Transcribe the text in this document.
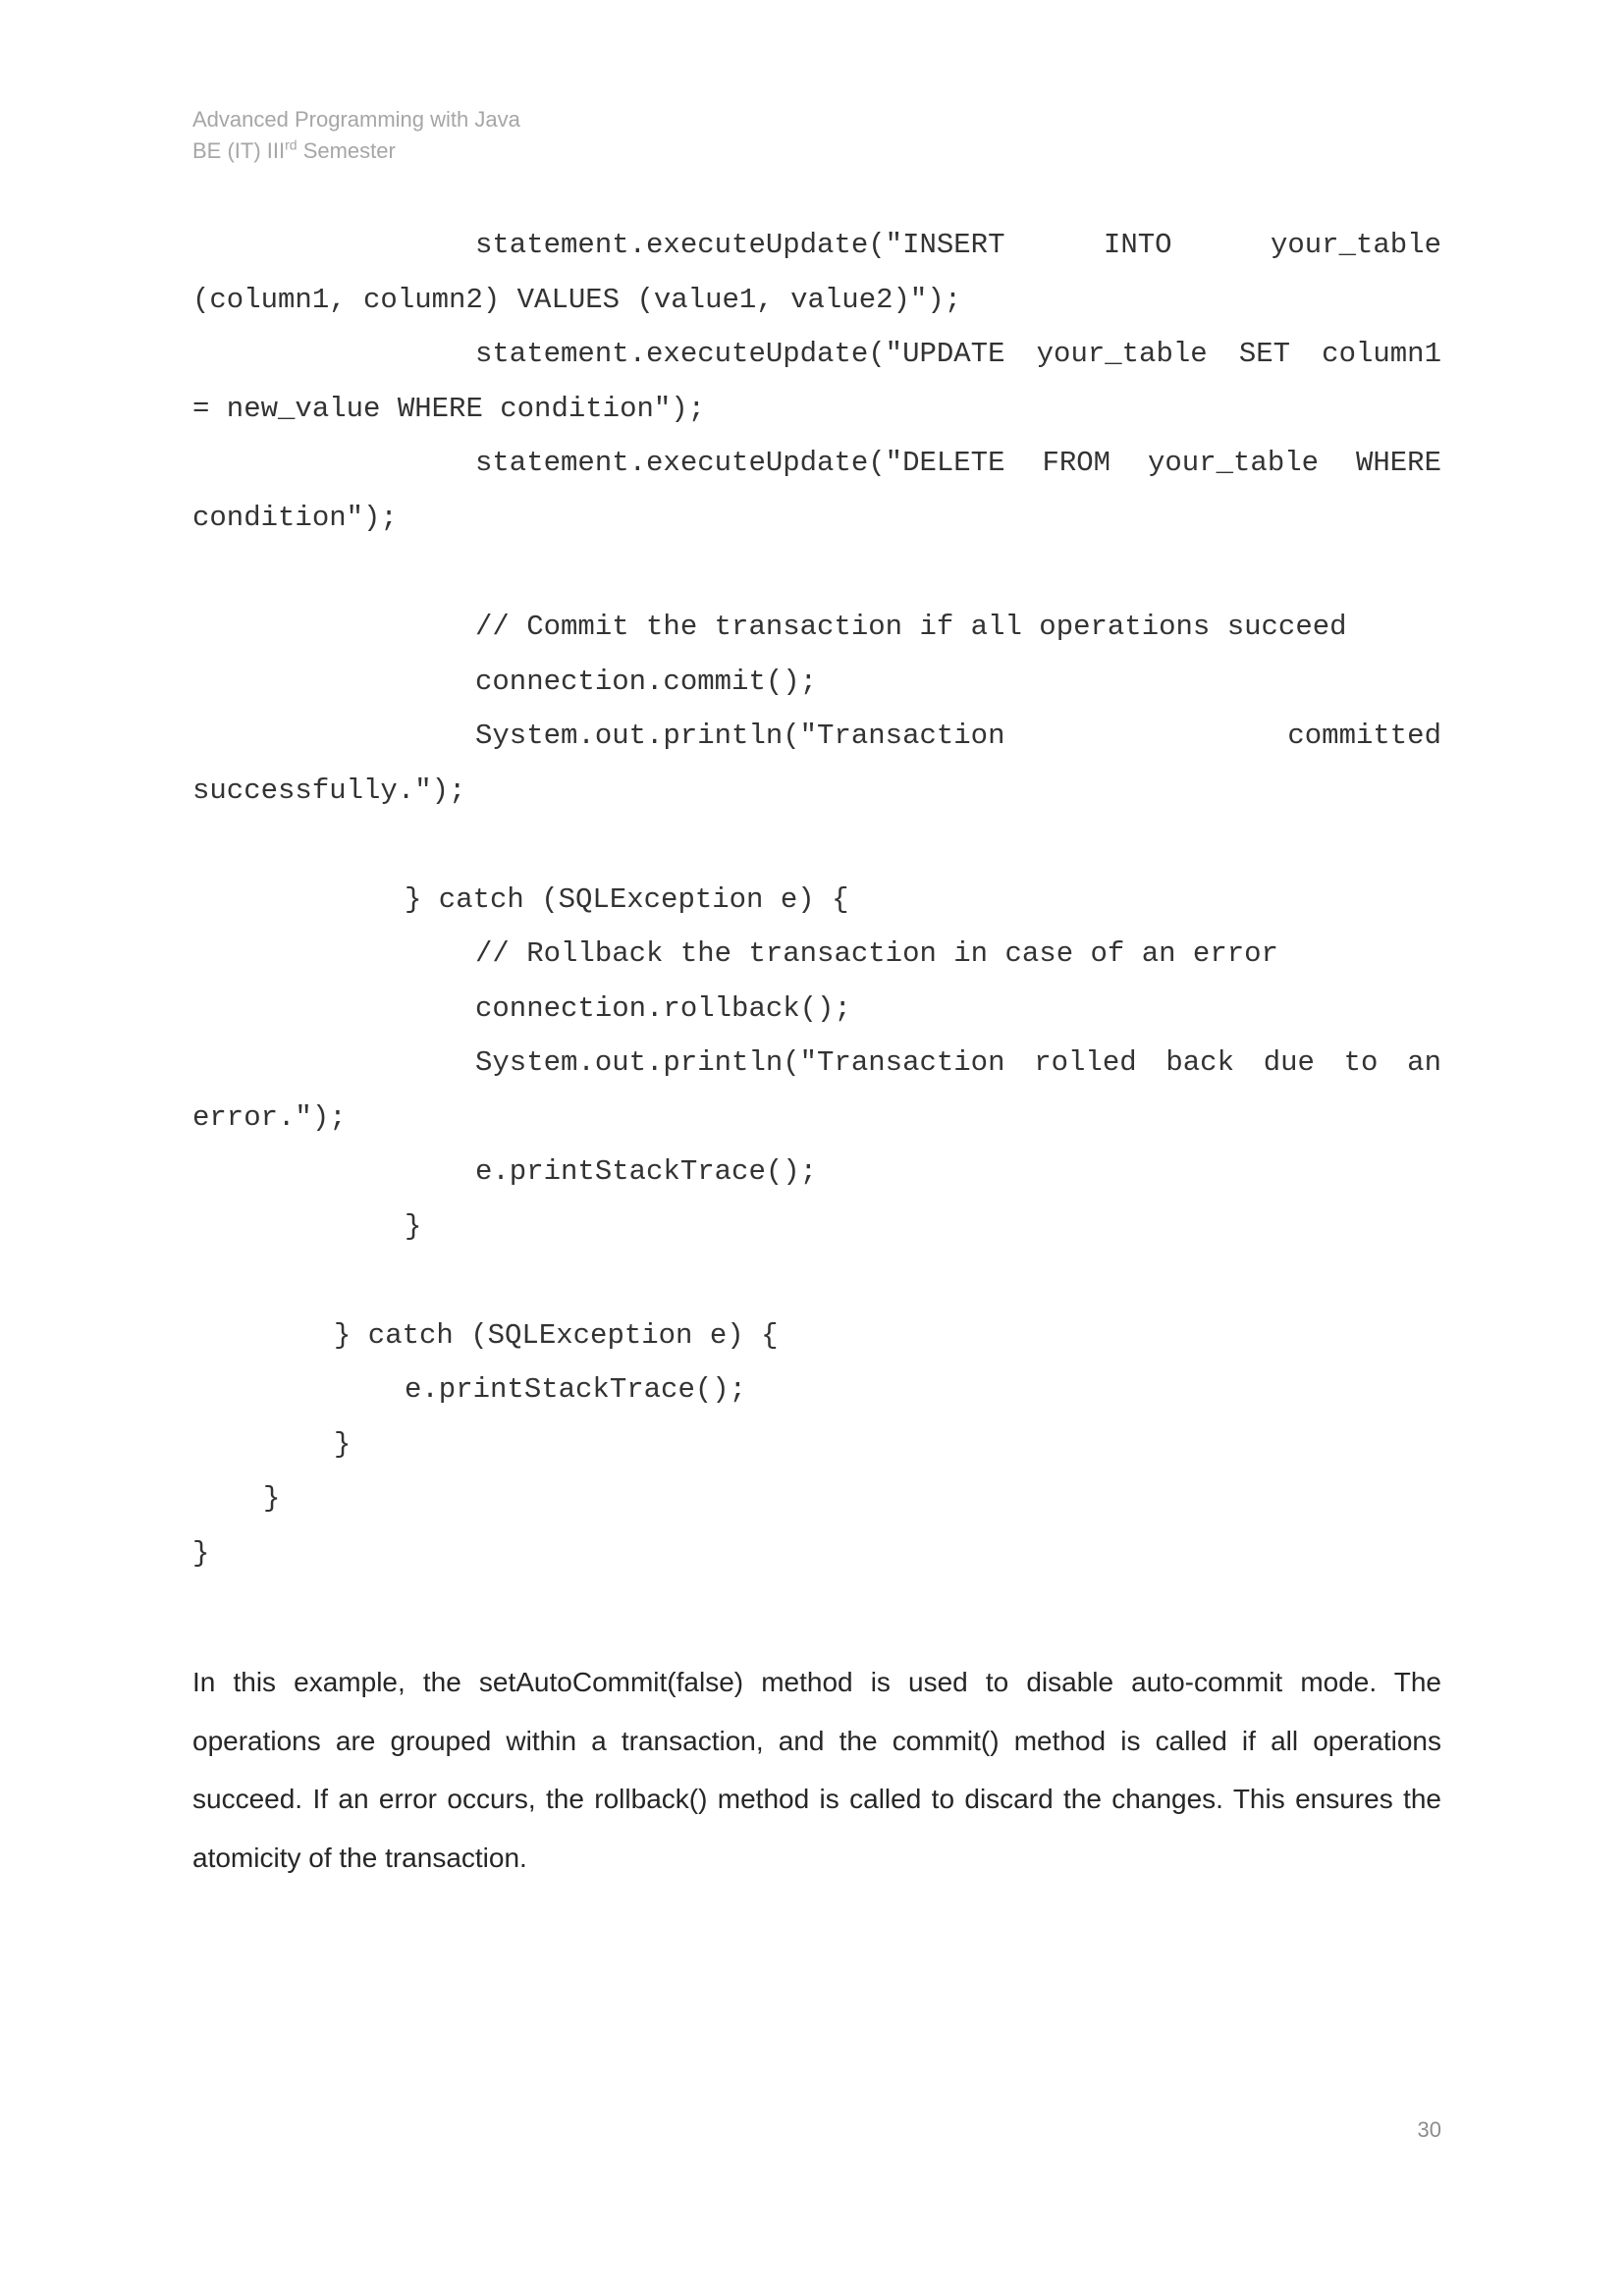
Advanced Programming with Java
BE (IT) IIIrd Semester

statement.executeUpdate("INSERT	INTO	your_table

(column1, column2) VALUES (value1, value2)");

statement.executeUpdate("UPDATE your_table SET column1

= new_value WHERE condition");

statement.executeUpdate("DELETE FROM your_table WHERE

condition");

// Commit the transaction if all operations succeed

connection.commit();

System.out.println("Transaction	committed

successfully.");

} catch (SQLException e) {

// Rollback the transaction in case of an error

connection.rollback();

System.out.println("Transaction rolled back due to an

error.");

e.printStackTrace();

}

} catch (SQLException e) {

e.printStackTrace();

}

}

}

In this example, the setAutoCommit(false) method is used to disable auto-commit mode. The operations are grouped within a transaction, and the commit() method is called if all operations succeed. If an error occurs, the rollback() method is called to discard the changes. This ensures the atomicity of the transaction.

30
